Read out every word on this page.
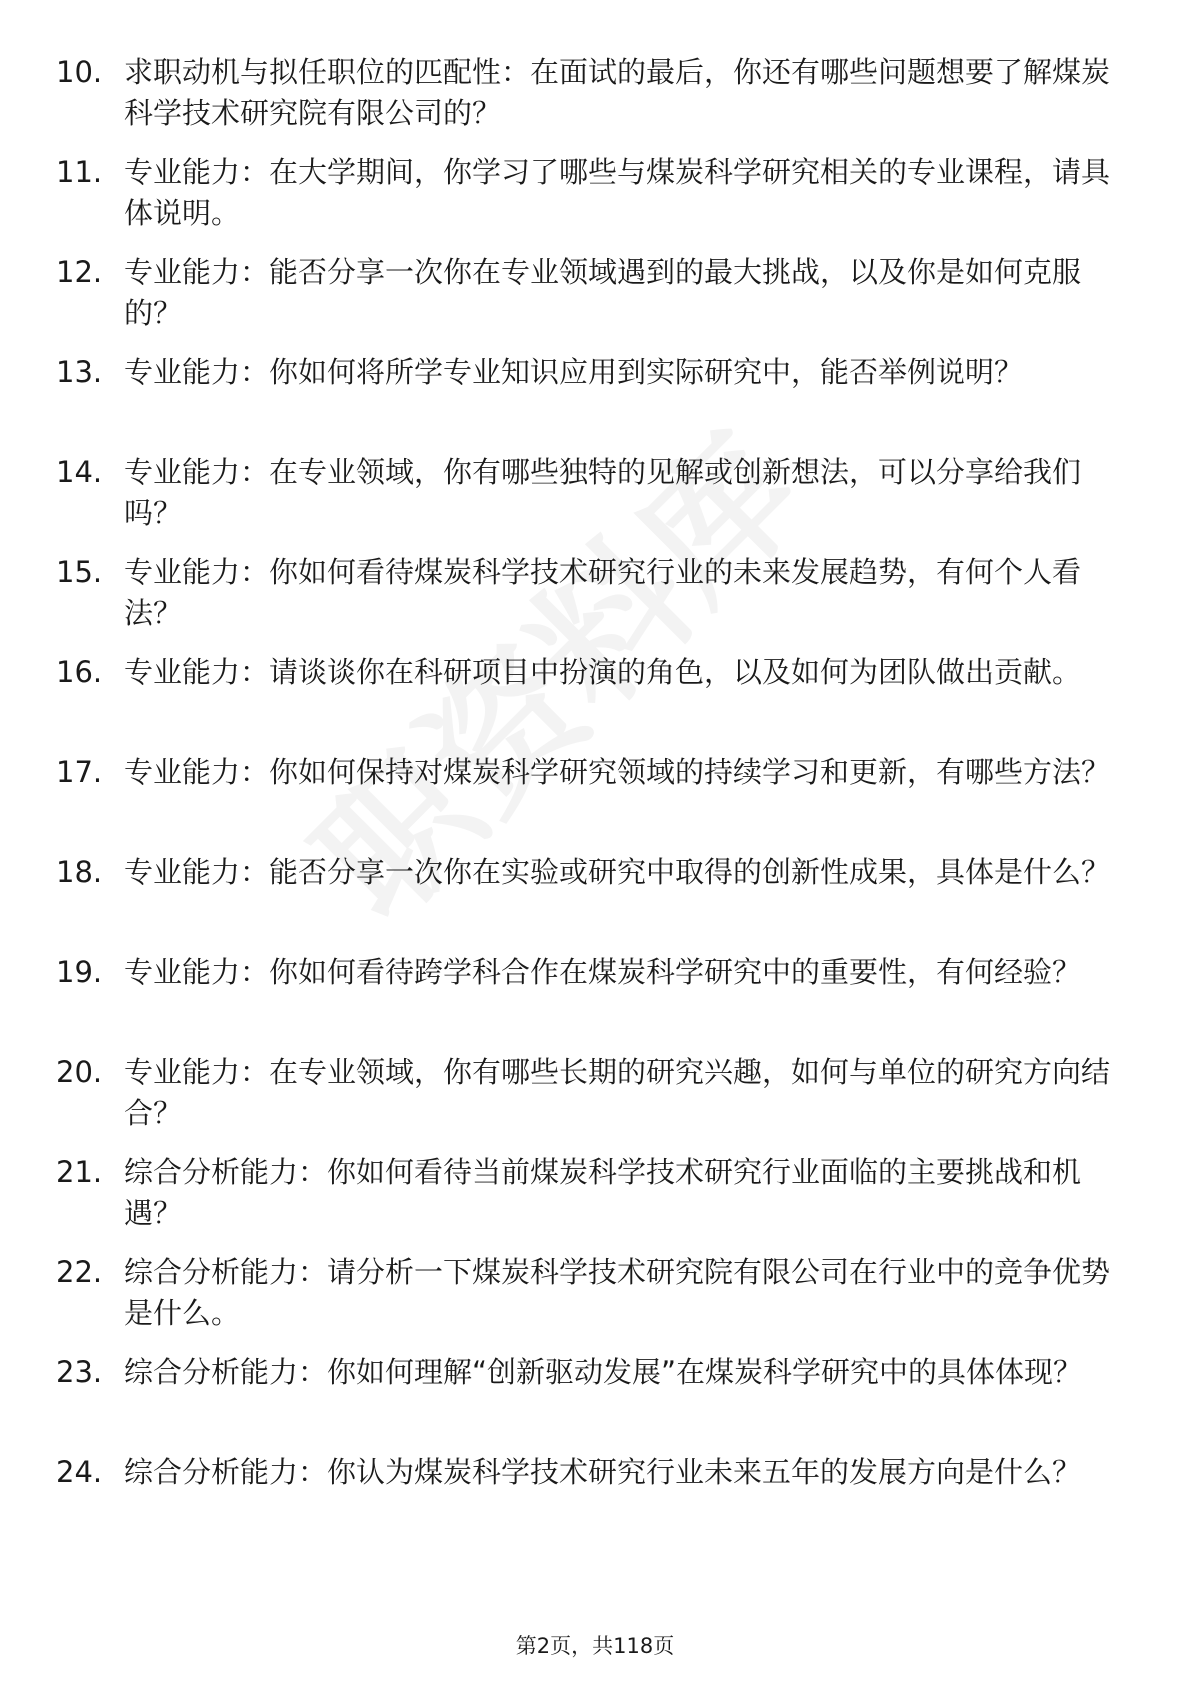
10. 求职动机与拟任职位的匹配性：在面试的最后，你还有哪些问题想要了解煤炭科学技术研究院有限公司的？
11. 专业能力：在大学期间，你学习了哪些与煤炭科学研究相关的专业课程，请具体说明。
12. 专业能力：能否分享一次你在专业领域遇到的最大挑战，以及你是如何克服的？
13. 专业能力：你如何将所学专业知识应用到实际研究中，能否举例说明？
14. 专业能力：在专业领域，你有哪些独特的见解或创新想法，可以分享给我们吗？
15. 专业能力：你如何看待煤炭科学技术研究行业的未来发展趋势，有何个人看法？
16. 专业能力：请谈谈你在科研项目中扮演的角色，以及如何为团队做出贡献。
17. 专业能力：你如何保持对煤炭科学研究领域的持续学习和更新，有哪些方法？
18. 专业能力：能否分享一次你在实验或研究中取得的创新性成果，具体是什么？
19. 专业能力：你如何看待跨学科合作在煤炭科学研究中的重要性，有何经验？
20. 专业能力：在专业领域，你有哪些长期的研究兴趣，如何与单位的研究方向结合？
21. 综合分析能力：你如何看待当前煤炭科学技术研究行业面临的主要挑战和机遇？
22. 综合分析能力：请分析一下煤炭科学技术研究院有限公司在行业中的竞争优势是什么。
23. 综合分析能力：你如何理解“创新驱动发展”在煤炭科学研究中的具体体现？
24. 综合分析能力：你认为煤炭科学技术研究行业未来五年的发展方向是什么？
第2页，共118页
